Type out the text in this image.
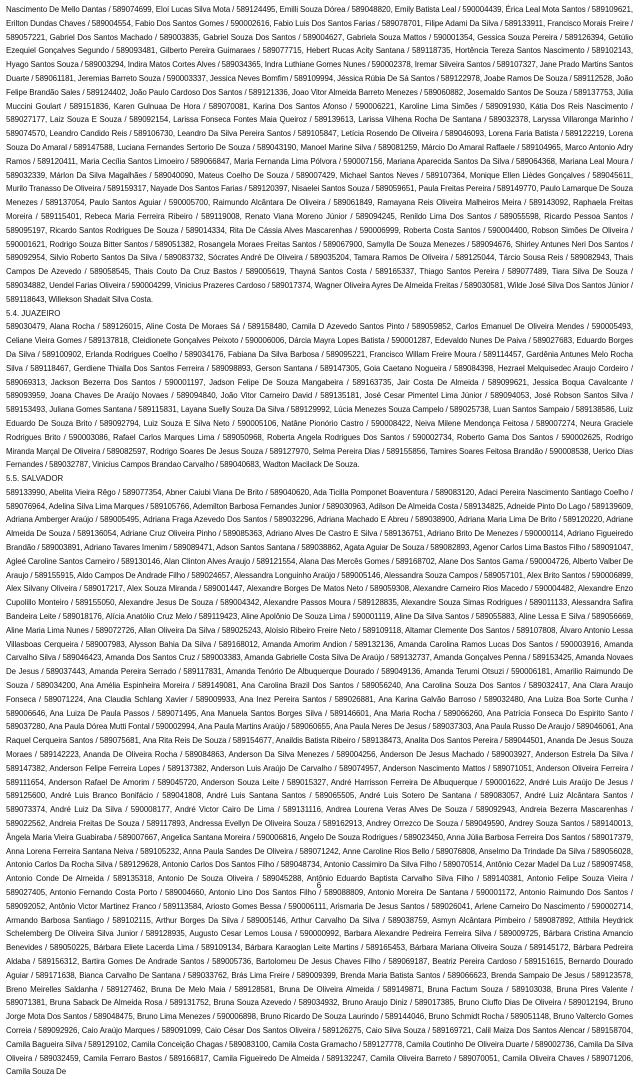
Nascimento De Mello Dantas / 589074699, Eloí Lucas Silva Mota / 589124495, Emilli Souza Dórea / 589048820, Emily Batista Leal / 590004439, Érica Leal Mota Santos / 589109621, Erilton Dundas Chaves / 589004554, Fabio Dos Santos Gomes / 590002616, Fabio Luis Dos Santos Farias / 589078701, Filipe Adami Da Silva / 589133911, Francisco Morais Freire / 589057221, Gabriel Dos Santos Machado / 589003835, Gabriel Souza Dos Santos / 589004627, Gabriela Souza Mattos / 590001354, Gessica Souza Pereira / 589126394, Getúlio Ezequiel Gonçalves Segundo / 589093481, Gilberto Pereira Guimaraes / 589077715, Hebert Rucas Acity Santana / 589118735, Hortência Tereza Santos Nascimento / 589102143, Hyago Santos Souza / 589003294, Indira Matos Cortes Alves / 589034365, Indra Luthiane Gomes Nunes / 590002378, Iremar Silveira Santos / 589107327, Jane Prado Martins Santos Duarte / 589061181, Jeremias Barreto Souza / 590003337, Jessica Neves Bomfim / 589109994, Jéssica Rúbia De Sá Santos / 589122978, Joabe Ramos De Souza / 589112528, João Felipe Brandão Sales / 589124402, João Paulo Cardoso Dos Santos / 589121336, Joao Vitor Almeida Barreto Menezes / 589060882, Josemaldo Santos De Souza / 589137753, Júlia Muccini Goulart / 589151836, Karen Gulnuaa De Hora / 589070081, Karina Dos Santos Afonso / 590006221, Karoline Lima Simões / 589091930, Kátia Dos Reis Nascimento / 589027177, Laiz Souza E Souza / 589092154, Larissa Fonseca Fontes Maia Queiroz / 589139613, Larissa Vilhena Rocha De Santana / 589032378, Laryssa Villaronga Marinho / 589074570, Leandro Candido Reis / 589106730, Leandro Da Silva Pereira Santos / 589105847, Letícia Rosendo De Oliveira / 589046093, Lorena Faria Batista / 589122219, Lorena Souza Do Amaral / 589147588, Luciana Fernandes Sertorio De Souza / 589043190, Manoel Marine Silva / 589081259, Márcio Do Amaral Raffaele / 589104965, Marco Antonio Adry Ramos / 589120411, Maria Cecília Santos Limoeiro / 589066847, Maria Fernanda Lima Pólvora / 590007156, Mariana Aparecida Santos Da Silva / 589064368, Mariana Leal Moura / 589032339, Márlon Da Silva Magalhães / 589040090, Mateus Coelho De Souza / 589007429, Michael Santos Neves / 589107364, Monique Ellen Lièdes Gonçalves / 589045611, Murilo Tranasso De Oliveira / 589159317, Nayade Dos Santos Farias / 589120397, Nisaelei Santos Souza / 589059651, Paula Freitas Pereira / 589149770, Paulo Lamarque De Souza Menezes / 589137054, Paulo Santos Aguiar / 590005700, Raimundo Alcântara De Oliveira / 589061849, Ramayana Reis Oliveira Malheiros Meira / 589143092, Raphaela Freitas Moreira / 589115401, Rebeca Maria Ferreira Ribeiro / 589119008, Renato Viana Moreno Júnior / 589094245, Renildo Lima Dos Santos / 589055598, Ricardo Pessoa Santos / 589095197, Ricardo Santos Rodrigues De Souza / 589014334, Rita De Cássia Alves Mascarenhas / 590006999, Roberta Costa Santos / 590004400, Robson Simões De Oliveira / 590001621, Rodrigo Souza Bitter Santos / 589051382, Rosangela Moraes Freitas Santos / 589067900, Samylla De Souza Menezes / 589094676, Shirley Antunes Neri Dos Santos / 589092954, Silvio Roberto Santos Da Silva / 589083732, Sócrates André De Oliveira / 589035204, Tamara Ramos De Oliveira / 589125044, Tárcio Sousa Reis / 589082943, Thais Campos De Azevedo / 589058545, Thais Couto Da Cruz Bastos / 589005619, Thayná Santos Costa / 589165337, Thiago Santos Pereira / 589077489, Tiara Silva De Souza / 589034882, Uendel Farias Oliveira / 590004299, Vinicius Prazeres Cardoso / 589017374, Wagner Oliveira Ayres De Almeida Freitas / 589030581, Wilde José Silva Dos Santos Júnior / 589118643, Willekson Shadait Silva Costa.

5.4. JUAZEIRO

589030479, Alana Rocha / 589126015, Aline Costa De Moraes Sá / 589158480, Camila D Azevedo Santos Pinto / 589059852, Carlos Emanuel De Oliveira Mendes / 590005493, Celiane Vieira Gomes / 589137818, Cleidionete Gonçalves Peixoto / 590006006, Dárcia Mayra Lopes Batista / 590001287, Edevaldo Nunes De Paiva / 589027683, Eduardo Borges Da Silva / 589100902, Erlanda Rodrigues Coelho / 589034176, Fabiana Da Silva Barbosa / 589095221, Francisco Willam Freire Moura / 589114457, Gardênia Antunes Melo Rocha Silva / 589118467, Gerdiene Thialla Dos Santos Ferreira / 589098893, Gerson Santana / 589147305, Goia Caetano Nogueira / 589084398, Hezrael Melquisedec Araujo Cordeiro / 589069313, Jackson Bezerra Dos Santos / 590001197, Jadson Felipe De Souza Mangabeira / 589163735, Jair Costa De Almeida / 589099621, Jessica Boqua Cavalcante / 589093959, Joana Chaves De Araújo Novaes / 589094840, João Vitor Carneiro David / 589135181, José Cesar Pimentel Lima Júnior / 589094053, José Robson Santos Silva / 589153493, Juliana Gomes Santana / 589115831, Layana Suelly Souza Da Silva / 589129992, Lúcia Menezes Souza Campelo / 589025738, Luan Santos Sampaio / 589138586, Luiz Eduardo De Souza Brito / 589092794, Luiz Souza E Silva Neto / 590005106, Natâne Pionório Castro / 590008422, Neiva Milene Mendonça Feitosa / 589007274, Neura Graciele Rodrigues Brito / 590003086, Rafael Carlos Marques Lima / 589050968, Roberta Angela Rodrigues Dos Santos / 590002734, Roberto Gama Dos Santos / 590002625, Rodrigo Miranda Marçal De Oliveira / 589082597, Rodrigo Soares De Jesus Souza / 589127970, Selma Pereira Dias / 589155856, Tamires Soares Feitosa Brandão / 590008538, Uerico Dias Fernandes / 589032787, Vinicius Campos Brandao Carvalho / 589040683, Wadton Macilack De Souza.

5.5. SALVADOR

589133990, Abelita Vieira Rêgo / 589077354, Abner Caiubi Viana De Brito / 589040620, Ada Ticilla Pomponet Boaventura / 589083120, Adaci Pereira Nascimento Santiago Coelho / 589076964, Adelina Silva Lima Marques / 589105766, Ademilton Barbosa Fernandes Junior / 589030963, Adilson De Almeida Costa / 589134825, Adneide Pinto Do Lago / 589139609, Adriana Amberger Araújo / 589005495, Adriana Fraga Azevedo Dos Santos / 589032296, Adriana Machado E Abreu / 589038900, Adriana Maria Lima De Brito / 589120220, Adriane Almeida De Souza / 589136054, Adriane Cruz Oliveira Pinho / 589085363, Adriano Alves De Castro E Silva / 589136751, Adriano Brito De Menezes / 590000114, Adriano Figueiredo Brandão / 589003891, Adriano Tavares Imenim / 589089471, Adson Santos Santana / 589038862, Agata Aguiar De Souza / 589082893, Agenor Carlos Lima Bastos Filho / 589091047, Agleé Caroline Santos Carneiro / 589130146, Alan Clinton Alves Araujo / 589121554, Alana Das Mercês Gomes / 589168702, Alane Dos Santos Gama / 590004726, Alberto Valber De Araujo / 589155915, Aldo Campos De Andrade Filho / 589024657, Alessandra Longuinho Araújo / 589005146, Alessandra Souza Campos / 589057101, Alex Brito Santos / 590006899, Alex Silvany Oliveira / 589017217, Alex Souza Miranda / 589001447, Alexandre Borges De Matos Neto / 589059308, Alexandre Carneiro Rios Macedo / 590004482, Alexandre Enzo Cupolillo Monteiro / 589155050, Alexandre Jesus De Souza / 589004342, Alexandre Passos Moura / 589128835, Alexandre Souza Simas Rodrigues / 589011133, Alessandra Safira Bandeira Leite / 589018176, Alícia Anatólio Cruz Melo / 589119423, Aline Apolônio De Souza Lima / 590001119, Aline Da Silva Santos / 589055883, Aline Lessa E Silva / 589056669, Aline Maria Lima Nunes / 589072726, Allan Oliveira Da Silva / 589025243, Aloísio Ribeiro Freire Neto / 589109118, Altamar Clemente Dos Santos / 589107808, Álvaro Antonio Lessa Villasboas Cerqueira / 589007983, Alysson Bahia Da Silva / 589168012, Amanda Amorim Andion / 589132136, Amanda Carolina Ramos Lucas Dos Santos / 590003916, Amanda Carvalho Silva / 589046423, Amanda Dos Santos Cruz / 589003383, Amanda Gabrielle Costa Silva De Araújo / 589132737, Amanda Gonçalves Penna / 589153425, Amanda Novaes De Jesus / 589037443, Amanda Pereira Serrado / 589117831, Amanda Tenório De Albuquerque Dourado / 589049136, Amanda Terumi Otsuzi / 590006181, Amarilio Raimundo De Souza / 589034200, Ana Amélia Espinheira Moreira / 589149081, Ana Carolina Brazil Dos Santos / 589056240, Ana Carolina Souza Dos Santos / 589032417, Ana Clara Araujo Fonseca / 589071224, Ana Claudia Schlang Xavier / 589009933, Ana Inez Pereira Santos / 589026881, Ana Karina Galvão Barroso / 589032480, Ana Luiza Boa Sorte Cunha / 589006646, Ana Luiza De Paula Passos / 589071495, Ana Manuela Santos Borges Silva / 589146601, Ana Maria Rocha / 589066260, Ana Patrícia Fonseca Do Espirito Santo / 589037280, Ana Paula Dórea Mutti Fontal / 590002994, Ana Paula Martins Araújo / 589060655, Ana Paula Neres De Jesus / 589037303, Ana Paula Russo De Araujo / 589046061, Ana Raquel Cerqueira Santos / 589075681, Ana Rita Reis De Souza / 589154677, Anaildis Batista Ribeiro / 589138473, Analita Dos Santos Pereira / 589044501, Ananda De Jesus Souza Moraes / 589142223, Ananda De Oliveira Rocha / 589084863, Anderson Da Silva Menezes / 589004256, Anderson De Jesus Machado / 589003927, Anderson Estrela Da Silva / 589147382, Anderson Felipe Ferreira Lopes / 589137382, Anderson Luis Araújo De Carvalho / 589074957, Anderson Nascimento Mattos / 589071051, Anderson Oliveira Ferreira / 589111654, Anderson Rafael De Amorim / 589045720, Anderson Souza Leite / 589015327, André Harrisson Ferreira De Albuquerque / 590001622, André Luis Araújo De Jesus / 589125600, André Luis Branco Bonifácio / 589041808, André Luis Santana Santos / 589065505, André Luis Sotero De Santana / 589083057, André Luiz Alcântara Santos / 589073374, André Luiz Da Silva / 590008177, André Victor Cairo De Lima / 589131116, Andrea Lourena Veras Alves De Souza / 589092943, Andreia Bezerra Mascarenhas / 589022562, Andreia Freitas De Souza / 589117893, Andressa Evellyn De Oliveira Souza / 589162913, Andrey Orrezco De Souza / 589049590, Andrey Souza Santos / 589140013, Ângela Maria Vieira Guabiraba / 589007667, Angelica Santana Moreira / 590006816, Angelo De Souza Rodrigues / 589023450, Anna Júlia Barbosa Ferreira Dos Santos / 589017379, Anna Lorena Ferreira Santana Neiva / 589105232, Anna Paula Sandes De Oliveira / 589071242, Anne Caroline Rios Bello / 589076808, Anselmo Da Trindade Da Silva / 589056028, Antonio Carlos Da Rocha Silva / 589129628, Antonio Carlos Dos Santos Filho / 589048734, Antonio Cassimiro Da Silva Filho / 589070514, Antônio Cezar Madel Da Luz / 589097458, Antonio Conde De Almeida / 589135318, Antonio De Souza Oliveira / 589045288, Antônio Eduardo Baptista Carvalho Silva Filho / 589140381, Antonio Felipe Souza Vieira / 589027405, Antonio Fernando Costa Porto / 589004660, Antonio Lino Dos Santos Filho / 589088809, Antonio Moreira De Santana / 590001172, Antonio Raimundo Dos Santos / 589092052, Antônio Victor Martinez Franco / 589113584, Ariosto Gomes Bessa / 590006111, Arismaria De Jesus Santos / 589026041, Arlene Carneiro Do Nascimento / 590002714, Armando Barbosa Santiago / 589102115, Arthur Borges Da Silva / 589005146, Arthur Carvalho Da Silva / 589038759, Asmyn Alcântara Pimbeiro / 589087892, Atthila Heydrick Schelemberg De Oliveira Silva Junior / 589128935, Augusto Cesar Lemos Lousa / 590000992, Barbara Alexandre Pedreira Ferreira Silva / 589009725, Bárbara Cristina Amancio Benevides / 589050225, Bárbara Eliete Lacerda Lima / 589109134, Bárbara Karaoglan Leite Martins / 589165453, Bárbara Mariana Oliveira Souza / 589145172, Bárbara Pedreira Aldaba / 589156312, Bartira Gomes De Andrade Santos / 589005736, Bartolomeu De Jesus Chaves Filho / 589069187, Beatriz Pereira Cardoso / 589151615, Bernardo Dourado Aguiar / 589171638, Bianca Carvalho De Santana / 589033762, Brás Lima Freire / 589009399, Brenda Maria Batista Santos / 589066623, Brenda Sampaio De Jesus / 589123578, Breno Meirelles Saldanha / 589127462, Bruna De Melo Maia / 589128581, Bruna De Oliveira Almeida / 589149871, Bruna Factum Souza / 589103038, Bruna Pires Valente / 589071381, Bruna Saback De Almeida Rosa / 589131752, Bruna Souza Azevedo / 589034932, Bruno Araujo Diniz / 589017385, Bruno Ciuffo Dias De Oliveira / 589012194, Bruno Jorge Mota Dos Santos / 589048475, Bruno Lima Menezes / 590006898, Bruno Ricardo De Souza Laurindo / 589144046, Bruno Schmidt Rocha / 589051148, Bruno Valterclo Gomes Correia / 589092926, Caio Araújo Marques / 589091099, Caio César Dos Santos Oliveira / 589126275, Caio Silva Souza / 589169721, Calil Maiza Dos Santos Alencar / 589158704, Camila Bagueira Silva / 589129102, Camila Conceição Chagas / 589083100, Camila Costa Gramacho / 589127778, Camila Coutinho De Oliveira Duarte / 589002736, Camila Da Silva Oliveira / 589032459, Camila Ferraro Bastos / 589166817, Camila Figueiredo De Almeida / 589132247, Camila Oliveira Barreto / 589070051, Camila Oliveira Chaves / 589071206, Camila Souza De

6
